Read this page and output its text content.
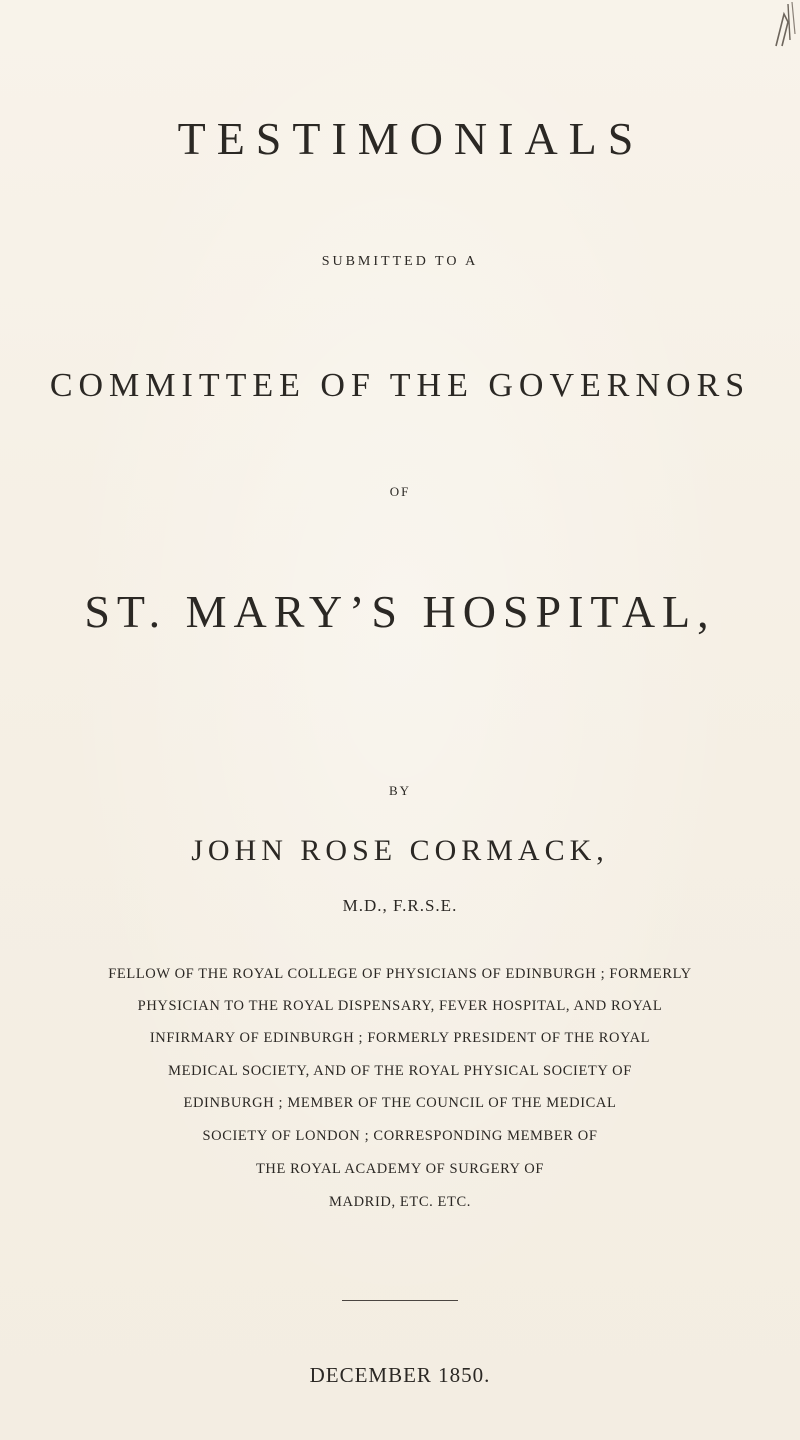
TESTIMONIALS
SUBMITTED TO A
COMMITTEE OF THE GOVERNORS
OF
ST. MARY’S HOSPITAL,
BY
JOHN ROSE CORMACK,
M.D., F.R.S.E.
FELLOW OF THE ROYAL COLLEGE OF PHYSICIANS OF EDINBURGH ; FORMERLY
PHYSICIAN TO THE ROYAL DISPENSARY, FEVER HOSPITAL, AND ROYAL
INFIRMARY OF EDINBURGH ; FORMERLY PRESIDENT OF THE ROYAL
MEDICAL SOCIETY, AND OF THE ROYAL PHYSICAL SOCIETY OF
EDINBURGH ; MEMBER OF THE COUNCIL OF THE MEDICAL
SOCIETY OF LONDON ; CORRESPONDING MEMBER OF
THE ROYAL ACADEMY OF SURGERY OF
MADRID, ETC. ETC.
DECEMBER 1850.
